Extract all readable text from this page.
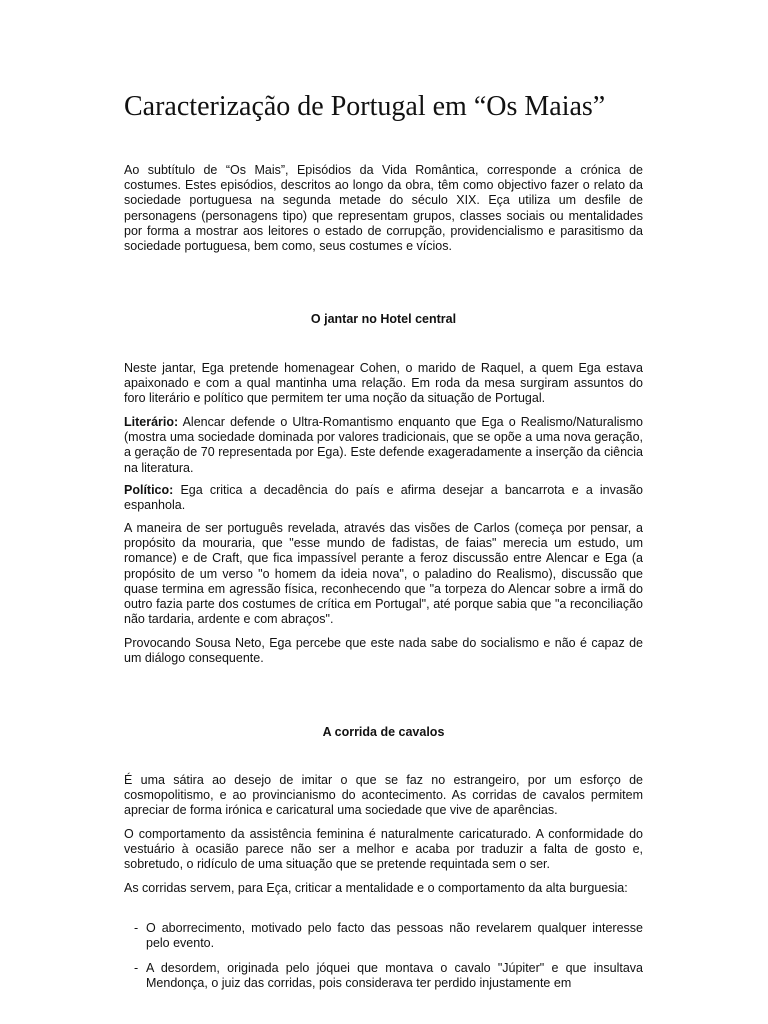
Caracterização de Portugal em “Os Maias”

Ao subtítulo de “Os Mais”, Episódios da Vida Romântica, corresponde a crónica de costumes. Estes episódios, descritos ao longo da obra, têm como objectivo fazer o relato da sociedade portuguesa na segunda metade do século XIX. Eça utiliza um desfile de personagens (personagens tipo) que representam grupos, classes sociais ou mentalidades por forma a mostrar aos leitores o estado de corrupção, providencialismo e parasitismo da sociedade portuguesa, bem como, seus costumes e vícios.

O jantar no Hotel central

Neste jantar, Ega pretende homenagear Cohen, o marido de Raquel, a quem Ega estava apaixonado e com a qual mantinha uma relação. Em roda da mesa surgiram assuntos do foro literário e político que permitem ter uma noção da situação de Portugal.

Literário: Alencar defende o Ultra-Romantismo enquanto que Ega o Realismo/Naturalismo (mostra uma sociedade dominada por valores tradicionais, que se opõe a uma nova geração, a geração de 70 representada por Ega). Este defende exageradamente a inserção da ciência na literatura.

Político: Ega critica a decadência do país e afirma desejar a bancarrota e a invasão espanhola.

A maneira de ser português revelada, através das visões de Carlos (começa por pensar, a propósito da mouraria, que "esse mundo de fadistas, de faias" merecia um estudo, um romance) e de Craft, que fica impassível perante a feroz discussão entre Alencar e Ega (a propósito de um verso "o homem da ideia nova", o paladino do Realismo), discussão que quase termina em agressão física, reconhecendo que "a torpeza do Alencar sobre a irmã do outro fazia parte dos costumes de crítica em Portugal", até porque sabia que "a reconciliação não tardaria, ardente e com abraços".

Provocando Sousa Neto, Ega percebe que este nada sabe do socialismo e não é capaz de um diálogo consequente.

A corrida de cavalos

É uma sátira ao desejo de imitar o que se faz no estrangeiro, por um esforço de cosmopolitismo, e ao provincianismo do acontecimento. As corridas de cavalos permitem apreciar de forma irónica e caricatural uma sociedade que vive de aparências.

O comportamento da assistência feminina é naturalmente caricaturado. A conformidade do vestuário à ocasião parece não ser a melhor e acaba por traduzir a falta de gosto e, sobretudo, o ridículo de uma situação que se pretende requintada sem o ser.

As corridas servem, para Eça, criticar a mentalidade e o comportamento da alta burguesia:

- O aborrecimento, motivado pelo facto das pessoas não revelarem qualquer interesse pelo evento.

- A desordem, originada pelo jóquei que montava o cavalo "Júpiter" e que insultava Mendonça, o juiz das corridas, pois considerava ter perdido injustamente em
